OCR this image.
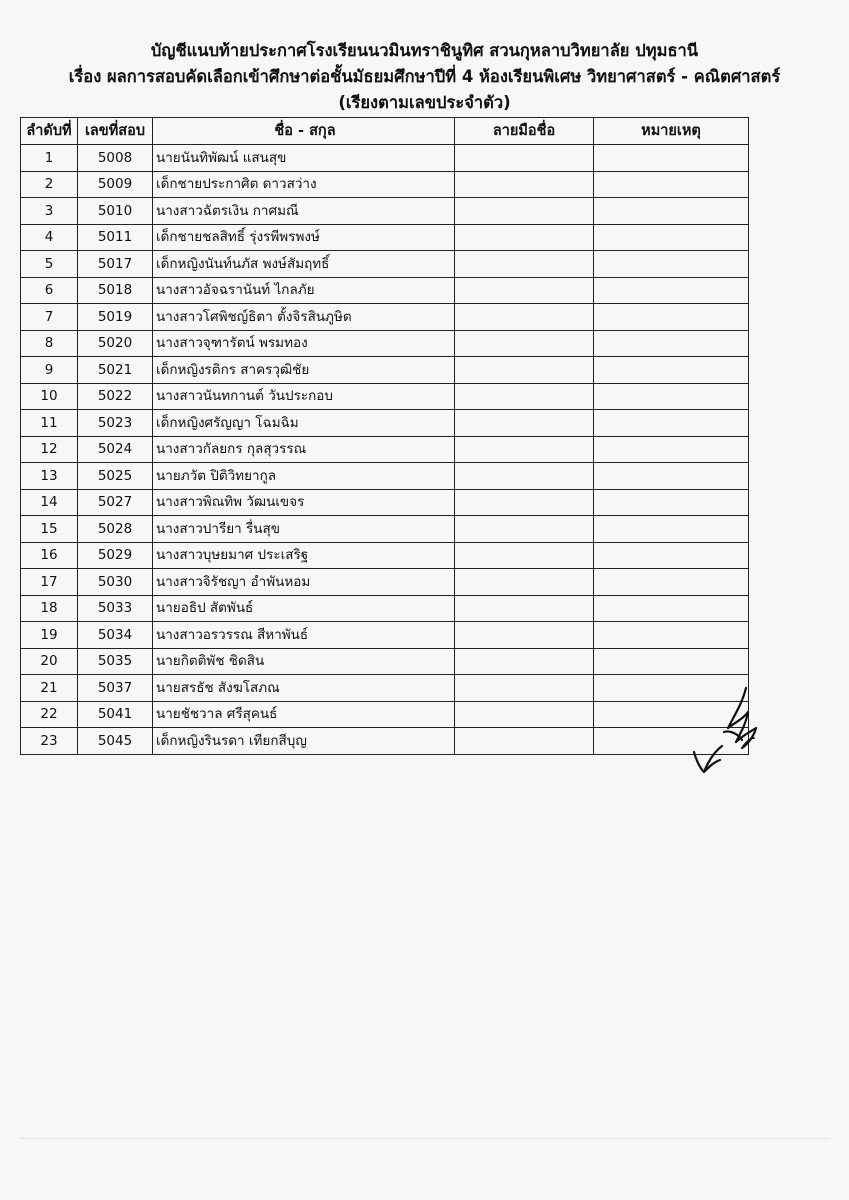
บัญชีแนบท้ายประกาศโรงเรียนนวมินทราชินูทิศ สวนกุหลาบวิทยาลัย ปทุมธานี
เรื่อง ผลการสอบคัดเลือกเข้าศึกษาต่อชั้นมัธยมศึกษาปีที่ 4 ห้องเรียนพิเศษ วิทยาศาสตร์ - คณิตศาสตร์
(เรียงตามเลขประจำตัว)
ลำดับที่	เลขที่สอบ	ชื่อ - สกุล	ลายมือชื่อ	หมายเหตุ
1	5008	นายนันทิพัฒน์ แสนสุข		
2	5009	เด็กชายประกาศิต ดาวสว่าง		
3	5010	นางสาวฉัตรเงิน กาศมณี		
4	5011	เด็กชายชลสิทธิ์ รุ่งรพีพรพงษ์		
5	5017	เด็กหญิงนันท์นภัส พงษ์สัมฤทธิ์		
6	5018	นางสาวอัจฉรานันท์ ไกลภัย		
7	5019	นางสาวโศพิชญ์ธิตา ตั้งจิรสินภูษิต		
8	5020	นางสาวจุฑารัตน์ พรมทอง		
9	5021	เด็กหญิงรติกร สาครวุฒิชัย		
10	5022	นางสาวนันทกานต์ วันประกอบ		
11	5023	เด็กหญิงศรัญญา โฉมฉิม		
12	5024	นางสาวกัลยกร กุลสุวรรณ		
13	5025	นายภวัต ปิติวิทยากูล		
14	5027	นางสาวพิณทิพ วัฒนเขจร		
15	5028	นางสาวปารียา รื่นสุข		
16	5029	นางสาวบุษยมาศ ประเสริฐ		
17	5030	นางสาวจิรัชญา อำพันหอม		
18	5033	นายอธิป สัตพันธ์		
19	5034	นางสาวอรวรรณ สีหาพันธ์		
20	5035	นายกิตติพัช ชิดสิน		
21	5037	นายสรธัช สังฆโสภณ		
22	5041	นายชัชวาล ศรีสุคนธ์		
23	5045	เด็กหญิงรินรดา เทียกสีบุญ		
